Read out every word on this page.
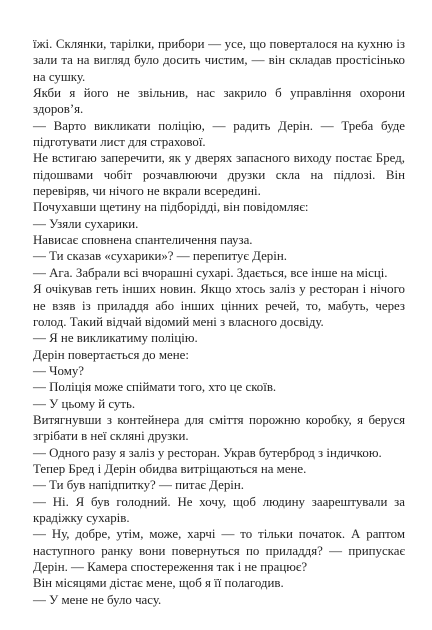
їжі. Склянки, тарілки, прибори — усе, що поверталося на кухню із зали та на вигляд було досить чистим, — він складав простісінько на сушку.

Якби я його не звільнив, нас закрило б управління охорони здоров’я.

— Варто викликати поліцію, — радить Дерін. — Треба буде підготувати лист для страхової.

Не встигаю заперечити, як у дверях запасного виходу постає Бред, підошвами чобіт розчавлюючи друзки скла на підлозі. Він перевіряв, чи нічого не вкрали всередині.

Почухавши щетину на підборідді, він повідомляє:

— Узяли сухарики.

Нависає сповнена спантеличення пауза.

— Ти сказав «сухарики»? — перепитує Дерін.

— Ага. Забрали всі вчорашні сухарі. Здається, все інше на місці.

Я очікував геть інших новин. Якщо хтось заліз у ресторан і нічого не взяв із приладдя або інших цінних речей, то, мабуть, через голод. Такий відчай відомий мені з власного досвіду.

— Я не викликатиму поліцію.

Дерін повертається до мене:

— Чому?

— Поліція може спіймати того, хто це скоїв.

— У цьому й суть.

Витягнувши з контейнера для сміття порожню коробку, я беруся згрібати в неї скляні друзки.

— Одного разу я заліз у ресторан. Украв бутерброд з індичкою.

Тепер Бред і Дерін обидва витріщаються на мене.

— Ти був напідпитку? — питає Дерін.

— Ні. Я був голодний. Не хочу, щоб людину заарештували за крадіжку сухарів.

— Ну, добре, утім, може, харчі — то тільки початок. А раптом наступного ранку вони повернуться по приладдя? — припускає Дерін. — Камера спостереження так і не працює?

Він місяцями дістає мене, щоб я її полагодив.

— У мене не було часу.
